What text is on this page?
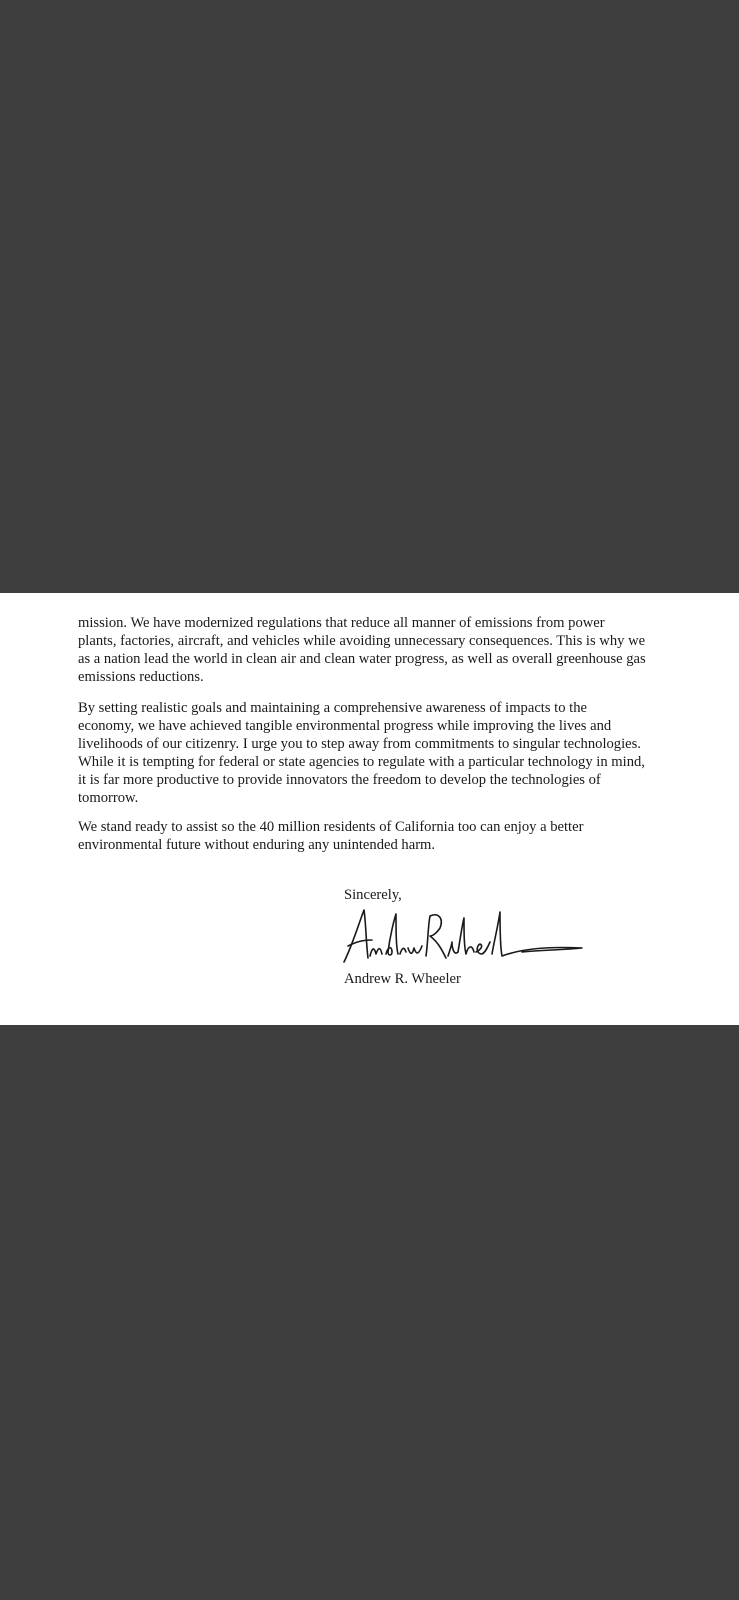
mission. We have modernized regulations that reduce all manner of emissions from power
plants, factories, aircraft, and vehicles while avoiding unnecessary consequences. This is why we
as a nation lead the world in clean air and clean water progress, as well as overall greenhouse gas
emissions reductions.
By setting realistic goals and maintaining a comprehensive awareness of impacts to the
economy, we have achieved tangible environmental progress while improving the lives and
livelihoods of our citizenry. I urge you to step away from commitments to singular technologies.
While it is tempting for federal or state agencies to regulate with a particular technology in mind,
it is far more productive to provide innovators the freedom to develop the technologies of
tomorrow.
We stand ready to assist so the 40 million residents of California too can enjoy a better
environmental future without enduring any unintended harm.
Sincerely,
Andrew R. Wheeler
